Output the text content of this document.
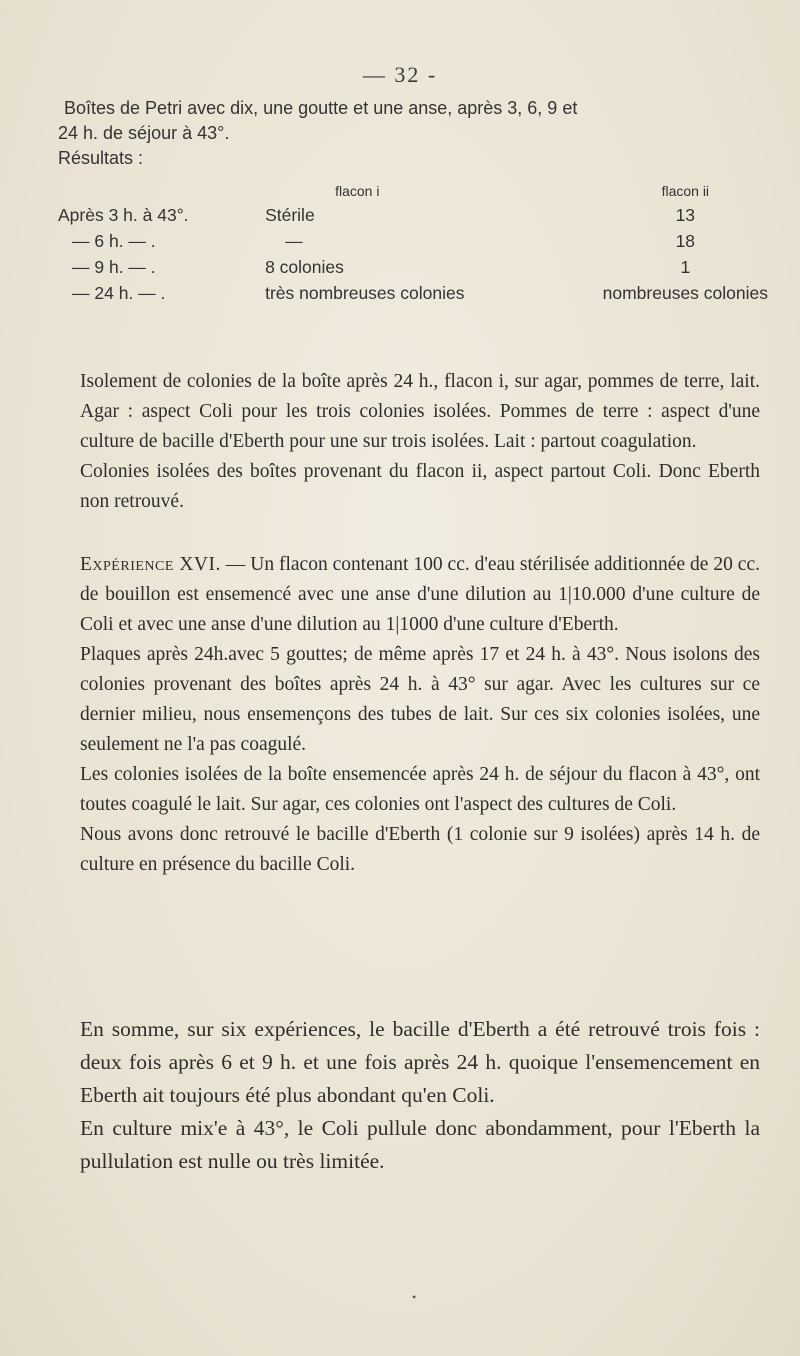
— 32 -

Boîtes de Petri avec dix, une goutte et une anse, après 3, 6, 9 et

24 h. de séjour à 43°.

Résultats :

	flacon i	flacon ii
Après 3 h. à 43°.	Stérile	13
— 6 h. — .	—	18
— 9 h. — .	8 colonies	1
— 24 h. — .	très nombreuses colonies	nombreuses colonies

Isolement de colonies de la boîte après 24 h., flacon i, sur agar, pommes de terre, lait. Agar : aspect Coli pour les trois colonies isolées. Pommes de terre : aspect d'une culture de bacille d'Eberth pour une sur trois isolées. Lait : partout coagulation.

Colonies isolées des boîtes provenant du flacon ii, aspect partout Coli. Donc Eberth non retrouvé.

Expérience XVI. — Un flacon contenant 100 cc. d'eau stérilisée additionnée de 20 cc. de bouillon est ensemencé avec une anse d'une dilution au 1|10.000 d'une culture de Coli et avec une anse d'une dilution au 1|1000 d'une culture d'Eberth.

Plaques après 24h.avec 5 gouttes; de même après 17 et 24 h. à 43°. Nous isolons des colonies provenant des boîtes après 24 h. à 43° sur agar. Avec les cultures sur ce dernier milieu, nous ensemençons des tubes de lait. Sur ces six colonies isolées, une seulement ne l'a pas coagulé.

Les colonies isolées de la boîte ensemencée après 24 h. de séjour du flacon à 43°, ont toutes coagulé le lait. Sur agar, ces colonies ont l'aspect des cultures de Coli.

Nous avons donc retrouvé le bacille d'Eberth (1 colonie sur 9 isolées) après 14 h. de culture en présence du bacille Coli.

En somme, sur six expériences, le bacille d'Eberth a été retrouvé trois fois : deux fois après 6 et 9 h. et une fois après 24 h. quoique l'ensemencement en Eberth ait toujours été plus abondant qu'en Coli.

En culture mix'e à 43°, le Coli pullule donc abondamment, pour l'Eberth la pullulation est nulle ou très limitée.

•
